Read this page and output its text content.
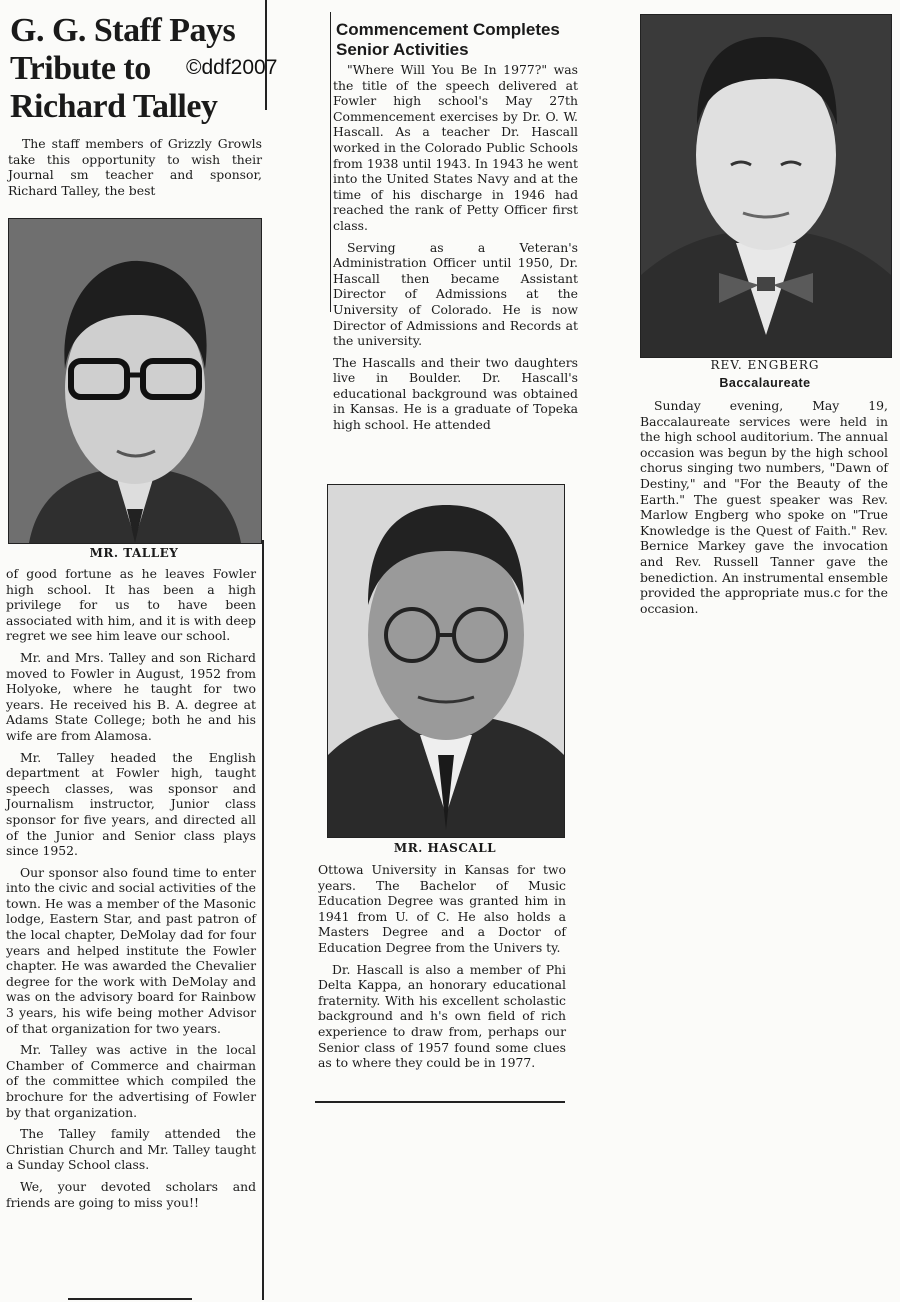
G. G. Staff Pays Tribute to Richard Talley
©ddf2007

The staff members of Grizzly Growls take this opportunity to wish their Journal sm teacher and sponsor, Richard Talley, the best

MR. TALLEY

of good fortune as he leaves Fowler high school. It has been a high privilege for us to have been associated with him, and it is with deep regret we see him leave our school.

Mr. and Mrs. Talley and son Richard moved to Fowler in August, 1952 from Holyoke, where he taught for two years. He received his B. A. degree at Adams State College; both he and his wife are from Alamosa.

Mr. Talley headed the English department at Fowler high, taught speech classes, was sponsor and Journalism instructor, Junior class sponsor for five years, and directed all of the Junior and Senior class plays since 1952.

Our sponsor also found time to enter into the civic and social activities of the town. He was a member of the Masonic lodge, Eastern Star, and past patron of the local chapter, DeMolay dad for four years and helped institute the Fowler chapter. He was awarded the Chevalier degree for the work with DeMolay and was on the advisory board for Rainbow 3 years, his wife being mother Advisor of that organization for two years.

Mr. Talley was active in the local Chamber of Commerce and chairman of the committee which compiled the brochure for the advertising of Fowler by that organization.

The Talley family attended the Christian Church and Mr. Talley taught a Sunday School class.

We, your devoted scholars and friends are going to miss you!!

Commencement Completes Senior Activities

"Where Will You Be In 1977?" was the title of the speech delivered at Fowler high school's May 27th Commencement exercises by Dr. O. W. Hascall. As a teacher Dr. Hascall worked in the Colorado Public Schools from 1938 until 1943. In 1943 he went into the United States Navy and at the time of his discharge in 1946 had reached the rank of Petty Officer first class.

Serving as a Veteran's Administration Officer until 1950, Dr. Hascall then became Assistant Director of Admissions at the University of Colorado. He is now Director of Admissions and Records at the university.

The Hascalls and their two daughters live in Boulder. Dr. Hascall's educational background was obtained in Kansas. He is a graduate of Topeka high school. He attended

MR. HASCALL

Ottowa University in Kansas for two years. The Bachelor of Music Education Degree was granted him in 1941 from U. of C. He also holds a Masters Degree and a Doctor of Education Degree from the Univers ty.

Dr. Hascall is also a member of Phi Delta Kappa, an honorary educational fraternity. With his excellent scholastic background and h's own field of rich experience to draw from, perhaps our Senior class of 1957 found some clues as to where they could be in 1977.

REV. ENGBERG
Baccalaureate

Sunday evening, May 19, Baccalaureate services were held in the high school auditorium. The annual occasion was begun by the high school chorus singing two numbers, "Dawn of Destiny," and "For the Beauty of the Earth." The guest speaker was Rev. Marlow Engberg who spoke on "True Knowledge is the Quest of Faith." Rev. Bernice Markey gave the invocation and Rev. Russell Tanner gave the benediction. An instrumental ensemble provided the appropriate mus.c for the occasion.
